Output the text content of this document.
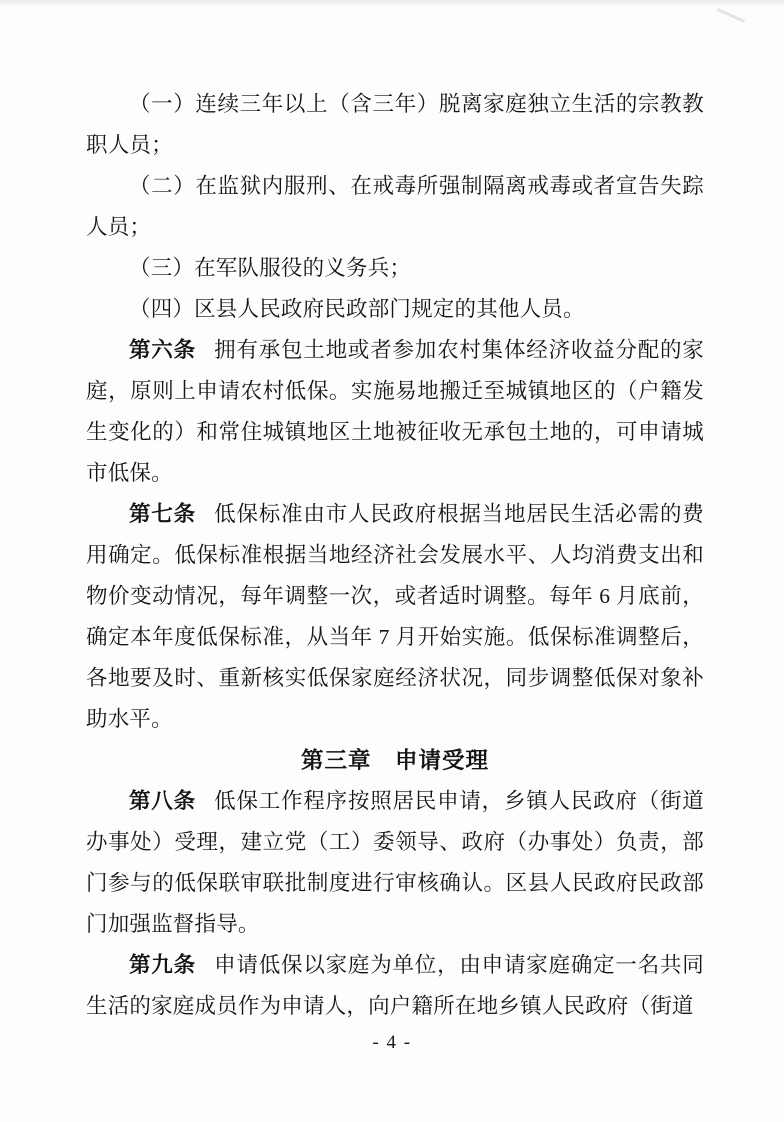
（一）连续三年以上（含三年）脱离家庭独立生活的宗教教职人员；

（二）在监狱内服刑、在戒毒所强制隔离戒毒或者宣告失踪人员；

（三）在军队服役的义务兵；

（四）区县人民政府民政部门规定的其他人员。

第六条 拥有承包土地或者参加农村集体经济收益分配的家庭，原则上申请农村低保。实施易地搬迁至城镇地区的（户籍发生变化的）和常住城镇地区土地被征收无承包土地的，可申请城市低保。

第七条 低保标准由市人民政府根据当地居民生活必需的费用确定。低保标准根据当地经济社会发展水平、人均消费支出和物价变动情况，每年调整一次，或者适时调整。每年 6 月底前，确定本年度低保标准，从当年 7 月开始实施。低保标准调整后，各地要及时、重新核实低保家庭经济状况，同步调整低保对象补助水平。

第三章　申请受理

第八条 低保工作程序按照居民申请，乡镇人民政府（街道办事处）受理，建立党（工）委领导、政府（办事处）负责，部门参与的低保联审联批制度进行审核确认。区县人民政府民政部门加强监督指导。

第九条 申请低保以家庭为单位，由申请家庭确定一名共同生活的家庭成员作为申请人，向户籍所在地乡镇人民政府（街道

- 4 -
